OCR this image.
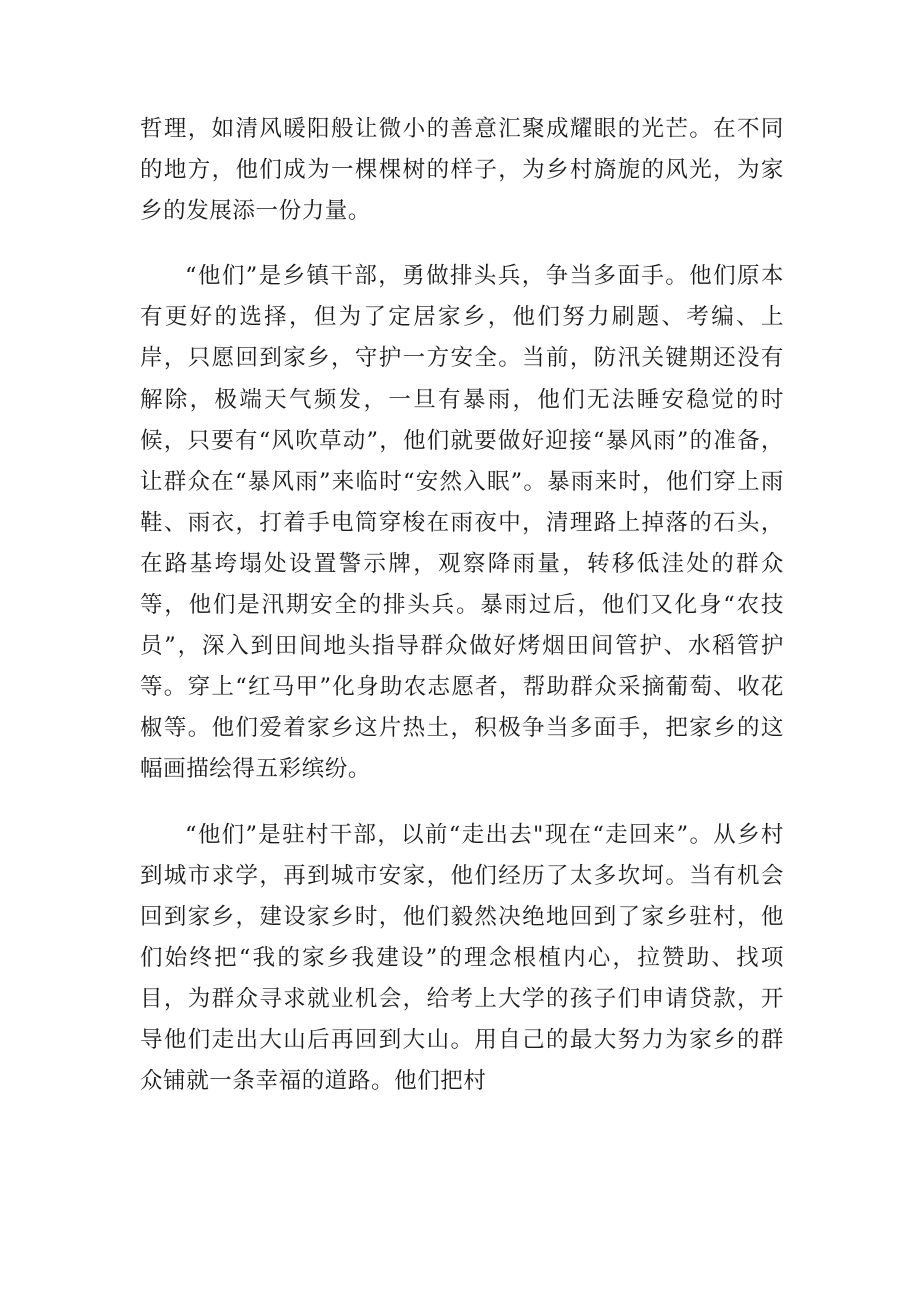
哲理，如清风暖阳般让微小的善意汇聚成耀眼的光芒。在不同的地方，他们成为一棵棵树的样子，为乡村旖旎的风光，为家乡的发展添一份力量。

“他们”是乡镇干部，勇做排头兵，争当多面手。他们原本有更好的选择，但为了定居家乡，他们努力刷题、考编、上岸，只愿回到家乡，守护一方安全。当前，防汛关键期还没有解除，极端天气频发，一旦有暴雨，他们无法睡安稳觉的时候，只要有“风吹草动”，他们就要做好迎接“暴风雨”的准备，让群众在“暴风雨”来临时“安然入眠”。暴雨来时，他们穿上雨鞋、雨衣，打着手电筒穿梭在雨夜中，清理路上掉落的石头，在路基垮塌处设置警示牌，观察降雨量，转移低洼处的群众等，他们是汛期安全的排头兵。暴雨过后，他们又化身“农技员”，深入到田间地头指导群众做好烤烟田间管护、水稻管护等。穿上“红马甲”化身助农志愿者，帮助群众采摘葡萄、收花椒等。他们爱着家乡这片热土，积极争当多面手，把家乡的这幅画描绘得五彩缤纷。

“他们”是驻村干部，以前“走出去"现在“走回来”。从乡村到城市求学，再到城市安家，他们经历了太多坎坷。当有机会回到家乡，建设家乡时，他们毅然决绝地回到了家乡驻村，他们始终把“我的家乡我建设”的理念根植内心，拉赞助、找项目，为群众寻求就业机会，给考上大学的孩子们申请贷款，开导他们走出大山后再回到大山。用自己的最大努力为家乡的群众铺就一条幸福的道路。他们把村
